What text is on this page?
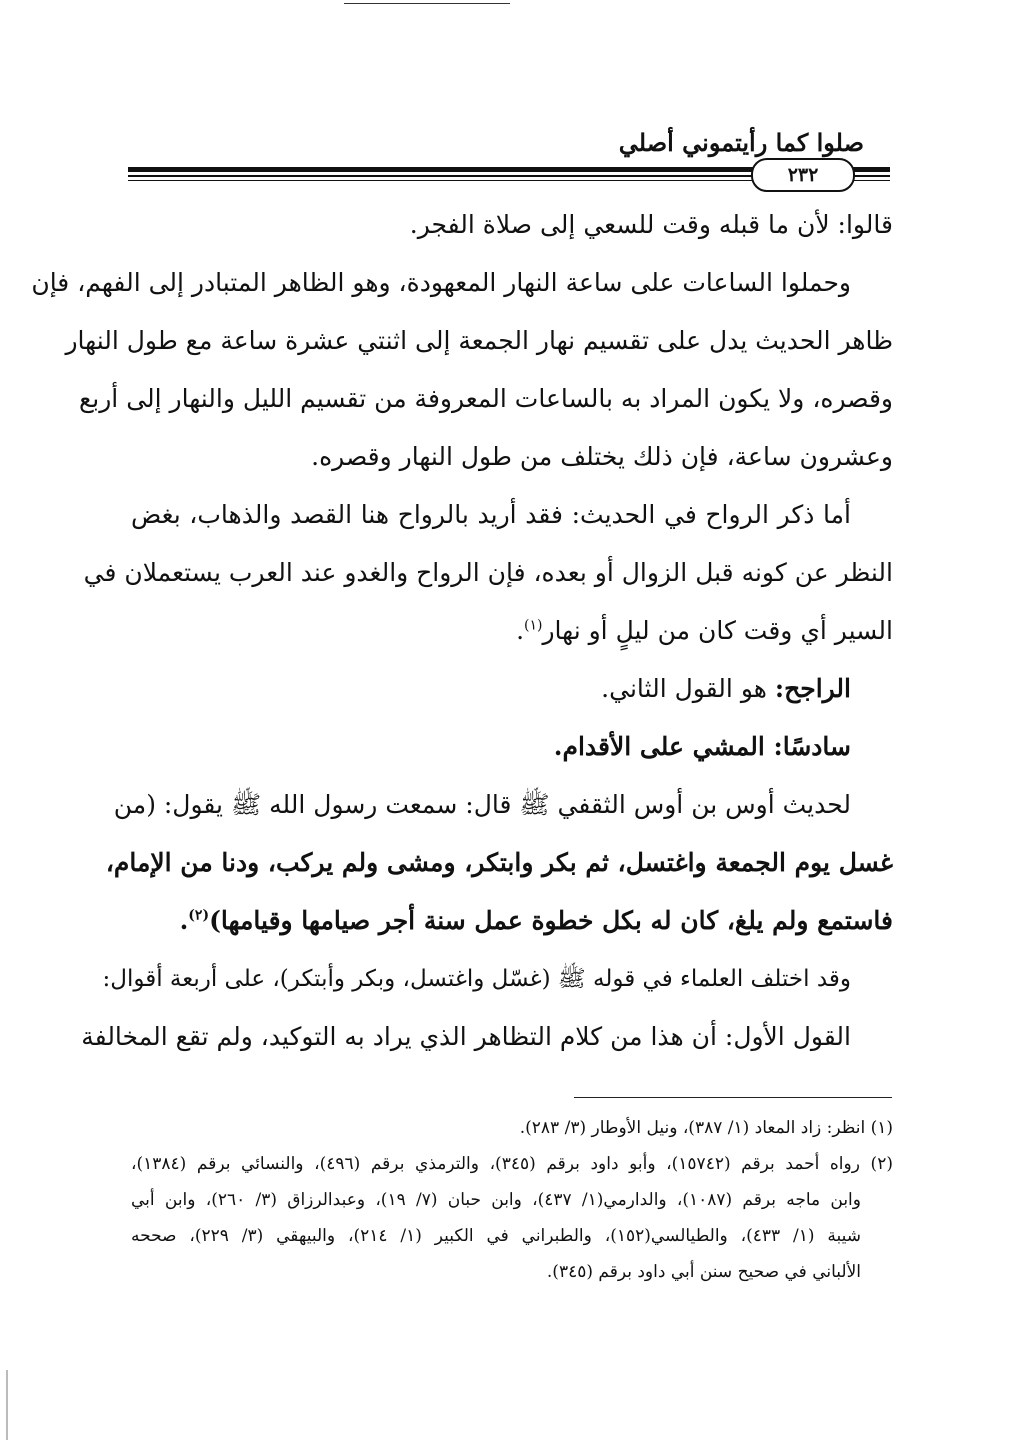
صلوا كما رأيتموني أصلي
٢٣٢
قالوا: لأن ما قبله وقت للسعي إلى صلاة الفجر.
وحملوا الساعات على ساعة النهار المعهودة، وهو الظاهر المتبادر إلى الفهم، فإن
ظاهر الحديث يدل على تقسيم نهار الجمعة إلى اثنتي عشرة ساعة مع طول النهار
وقصره، ولا يكون المراد به بالساعات المعروفة من تقسيم الليل والنهار إلى أربع
وعشرون ساعة، فإن ذلك يختلف من طول النهار وقصره.
أما ذكر الرواح في الحديث: فقد أريد بالرواح هنا القصد والذهاب، بغض
النظر عن كونه قبل الزوال أو بعده، فإن الرواح والغدو عند العرب يستعملان في
السير أي وقت كان من ليلٍ أو نهار$^{(١)}$.
الراجح: هو القول الثاني.
سادسًا: المشي على الأقدام.
لحديث أوس بن أوس الثقفي ﷺ قال: سمعت رسول الله ﷺ يقول: (من
غسل يوم الجمعة واغتسل، ثم بكر وابتكر، ومشى ولم يركب، ودنا من الإمام،
فاستمع ولم يلغ، كان له بكل خطوة عمل سنة أجر صيامها وقيامها)$^{(٢)}$.
وقد اختلف العلماء في قوله ﷺ (غسّل واغتسل، وبكر وأبتكر)، على أربعة أقوال:
القول الأول: أن هذا من كلام التظاهر الذي يراد به التوكيد، ولم تقع المخالفة
(١) انظر: زاد المعاد (١/ ٣٨٧)، ونيل الأوطار (٣/ ٢٨٣).
(٢) رواه أحمد برقم (١٥٧٤٢)، وأبو داود برقم (٣٤٥)، والترمذي برقم (٤٩٦)، والنسائي برقم (١٣٨٤)،
وابن ماجه برقم (١٠٨٧)، والدارمي(١/ ٤٣٧)، وابن حبان (٧/ ١٩)، وعبدالرزاق (٣/ ٢٦٠)، وابن أبي
شيبة (١/ ٤٣٣)، والطيالسي(١٥٢)، والطبراني في الكبير (١/ ٢١٤)، والبيهقي (٣/ ٢٢٩)، صححه
الألباني في صحيح سنن أبي داود برقم (٣٤٥).
